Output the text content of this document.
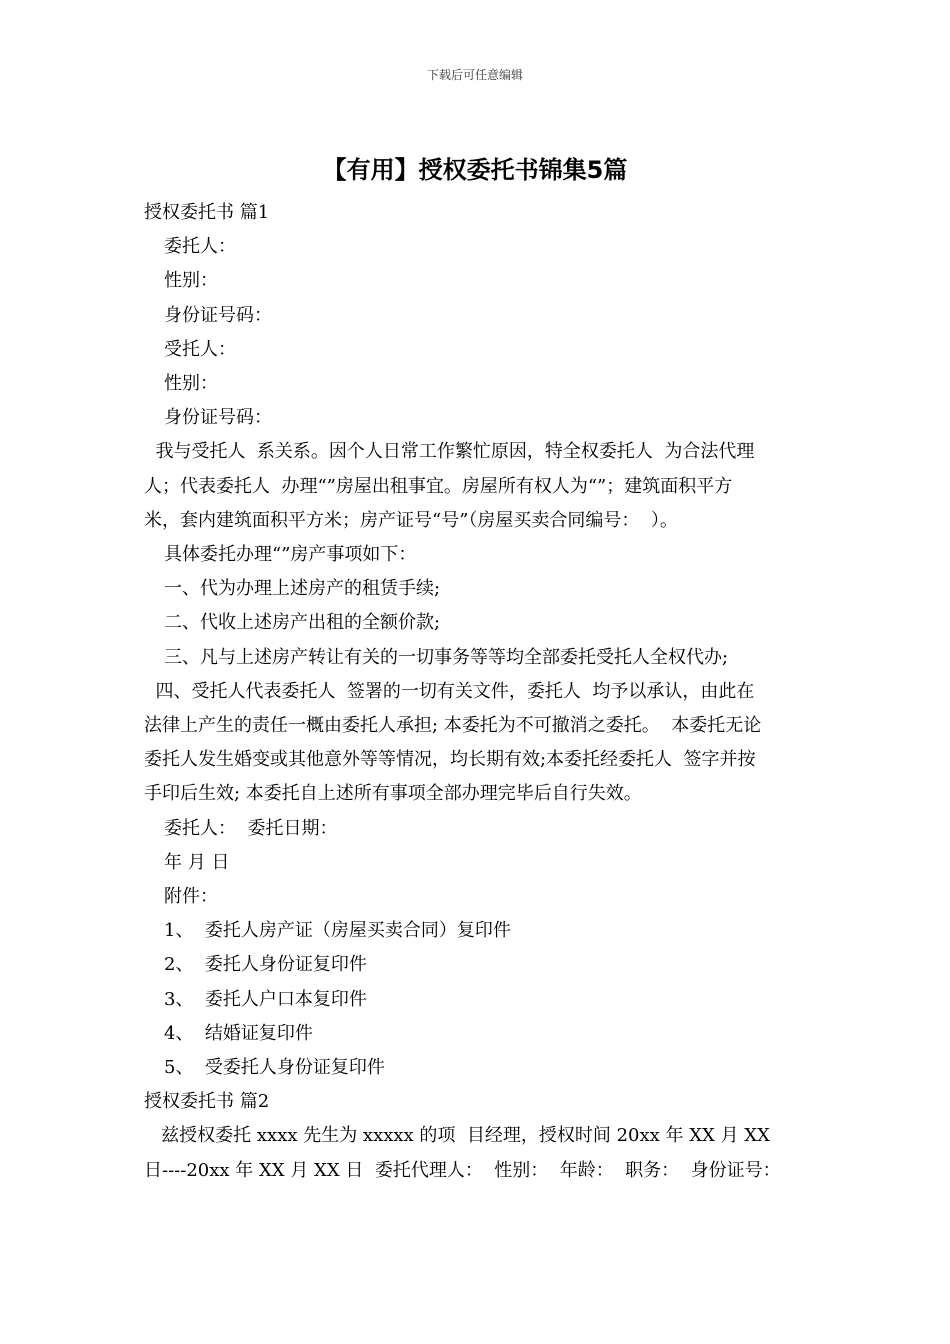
下载后可任意编辑
【有用】授权委托书锦集5篇
授权委托书 篇1
委托人：
性别：
身份证号码：
受托人：
性别：
身份证号码：
我与受托人  系关系。因个人日常工作繁忙原因，特全权委托人  为合法代理
人；代表委托人  办理“”房屋出租事宜。房屋所有权人为“”；建筑面积平方
米，套内建筑面积平方米；房产证号“号”（房屋买卖合同编号：  ）。
具体委托办理“”房产事项如下：
一、代为办理上述房产的租赁手续;
二、代收上述房产出租的全额价款;
三、凡与上述房产转让有关的一切事务等等均全部委托受托人全权代办;
四、受托人代表委托人  签署的一切有关文件，委托人  均予以承认，由此在
法律上产生的责任一概由委托人承担; 本委托为不可撤消之委托。  本委托无论
委托人发生婚变或其他意外等等情况，均长期有效;本委托经委托人  签字并按
手印后生效; 本委托自上述所有事项全部办理完毕后自行失效。
委托人：  委托日期：
年 月 日
附件：
1、  委托人房产证（房屋买卖合同）复印件
2、  委托人身份证复印件
3、  委托人户口本复印件
4、  结婚证复印件
5、  受委托人身份证复印件
授权委托书 篇2
兹授权委托 xxxx 先生为 xxxxx 的项  目经理，授权时间 20xx 年 XX 月 XX
日----20xx 年 XX 月 XX 日  委托代理人：  性别：  年龄：  职务：  身份证号：
